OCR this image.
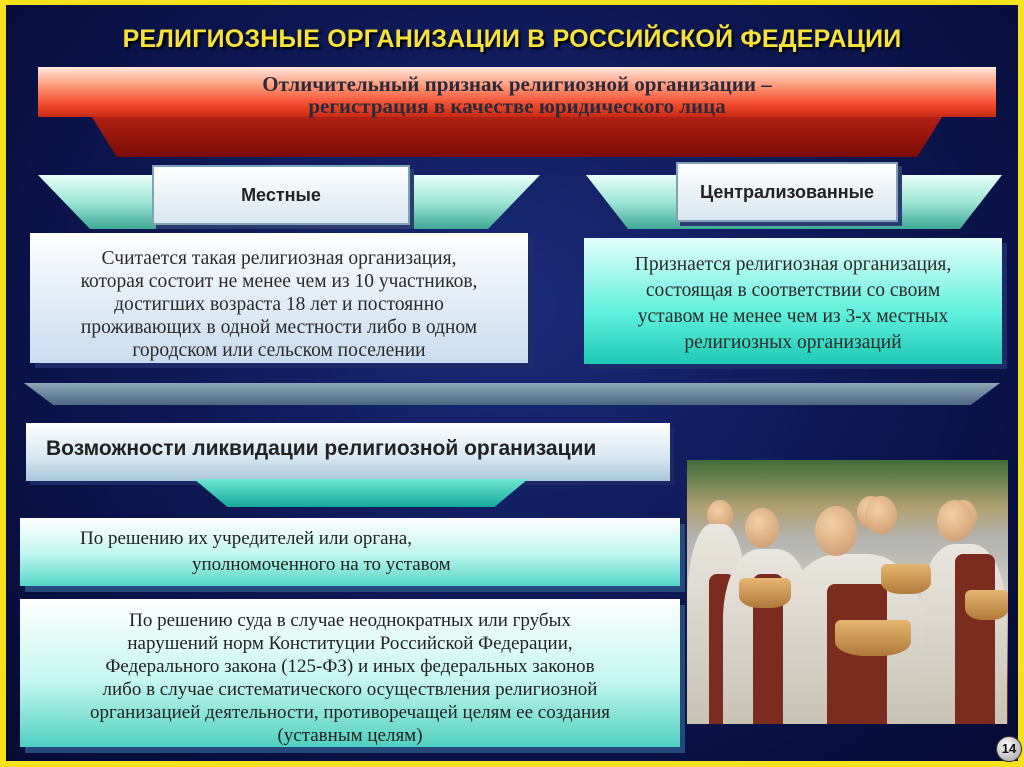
РЕЛИГИОЗНЫЕ ОРГАНИЗАЦИИ В РОССИЙСКОЙ ФЕДЕРАЦИИ
Отличительный признак религиозной организации –
регистрация в качестве юридического лица
Местные	Централизованные
Считается такая религиозная организация,
которая состоит не менее чем из 10 участников,
достигших возраста 18 лет и постоянно
проживающих в одной местности либо в одном
городском или сельском поселении
Признается религиозная организация,
состоящая в соответствии со своим
уставом не менее чем из 3-х местных
религиозных организаций
Возможности ликвидации религиозной организации
По решению их учредителей или органа,
уполномоченного на то уставом
По решению суда в случае неоднократных или грубых
нарушений норм Конституции Российской Федерации,
Федерального закона (125-ФЗ) и иных федеральных законов
либо в случае систематического осуществления религиозной
организацией деятельности, противоречащей целям ее создания
(уставным целям)
14
